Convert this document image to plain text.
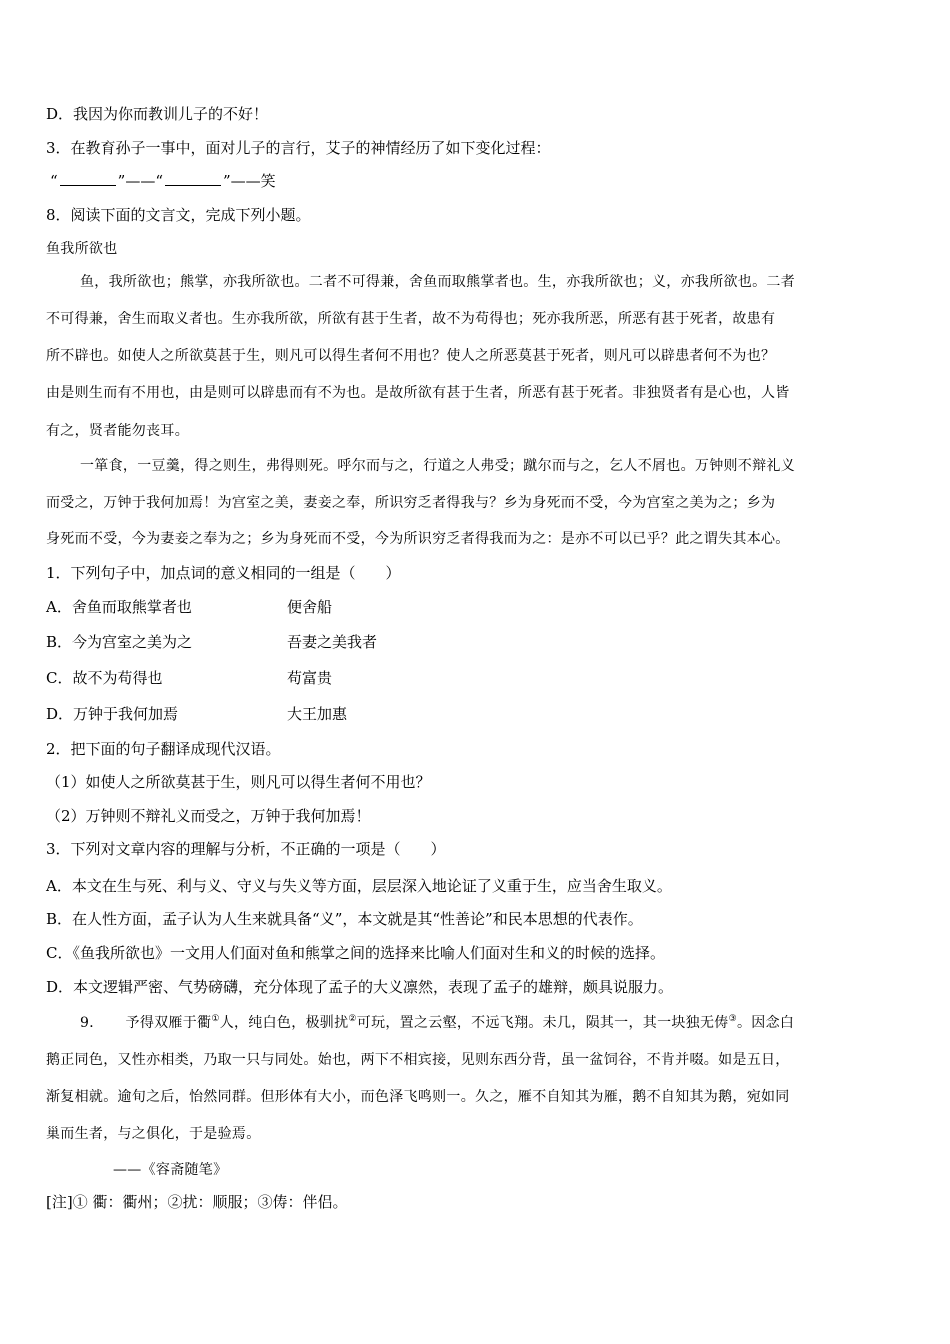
D．我因为你而教训儿子的不好！
3．在教育孙子一事中，面对儿子的言行，艾子的神情经历了如下变化过程：
“	”——“	”——笑
8．阅读下面的文言文，完成下列小题。
鱼我所欲也
鱼，我所欲也；熊掌，亦我所欲也。二者不可得兼，舍鱼而取熊掌者也。生，亦我所欲也；义，亦我所欲也。二者
不可得兼，舍生而取义者也。生亦我所欲，所欲有甚于生者，故不为苟得也；死亦我所恶，所恶有甚于死者，故患有
所不辟也。如使人之所欲莫甚于生，则凡可以得生者何不用也？使人之所恶莫甚于死者，则凡可以辟患者何不为也？
由是则生而有不用也，由是则可以辟患而有不为也。是故所欲有甚于生者，所恶有甚于死者。非独贤者有是心也，人皆
有之，贤者能勿丧耳。
一箪食，一豆羹，得之则生，弗得则死。呼尔而与之，行道之人弗受；蹴尔而与之，乞人不屑也。万钟则不辩礼义
而受之，万钟于我何加焉！为宫室之美，妻妾之奉，所识穷乏者得我与？乡为身死而不受，今为宫室之美为之；乡为
身死而不受，今为妻妾之奉为之；乡为身死而不受，今为所识穷乏者得我而为之：是亦不可以已乎？此之谓失其本心。
1．下列句子中，加点词的意义相同的一组是（　　）
A．舍鱼而取熊掌者也	便舍船
B．今为宫室之美为之	吾妻之美我者
C．故不为苟得也	苟富贵
D．万钟于我何加焉	大王加惠
2．把下面的句子翻译成现代汉语。
（1）如使人之所欲莫甚于生，则凡可以得生者何不用也？
（2）万钟则不辩礼义而受之，万钟于我何加焉！
3．下列对文章内容的理解与分析，不正确的一项是（　　）
A．本文在生与死、利与义、守义与失义等方面，层层深入地论证了义重于生，应当舍生取义。
B．在人性方面，孟子认为人生来就具备“义”，本文就是其“性善论”和民本思想的代表作。
C．《鱼我所欲也》一文用人们面对鱼和熊掌之间的选择来比喻人们面对生和义的时候的选择。
D．本文逻辑严密、气势磅礴，充分体现了孟子的大义凛然，表现了孟子的雄辩，颇具说服力。
9． 予得双雁于衢①人，纯白色，极驯扰②可玩，置之云壑，不远飞翔。未几，陨其一，其一块独无俦③。因念白
鹅正同色，又性亦相类，乃取一只与同处。始也，两下不相宾接，见则东西分背，虽一盆饲谷，不肯并啜。如是五日，
渐复相就。逾旬之后，怡然同群。但形体有大小，而色泽飞鸣则一。久之，雁不自知其为雁，鹅不自知其为鹅，宛如同
巢而生者，与之俱化，于是验焉。
——《容斋随笔》
[注]① 衢：衢州；②扰：顺服；③俦：伴侣。
